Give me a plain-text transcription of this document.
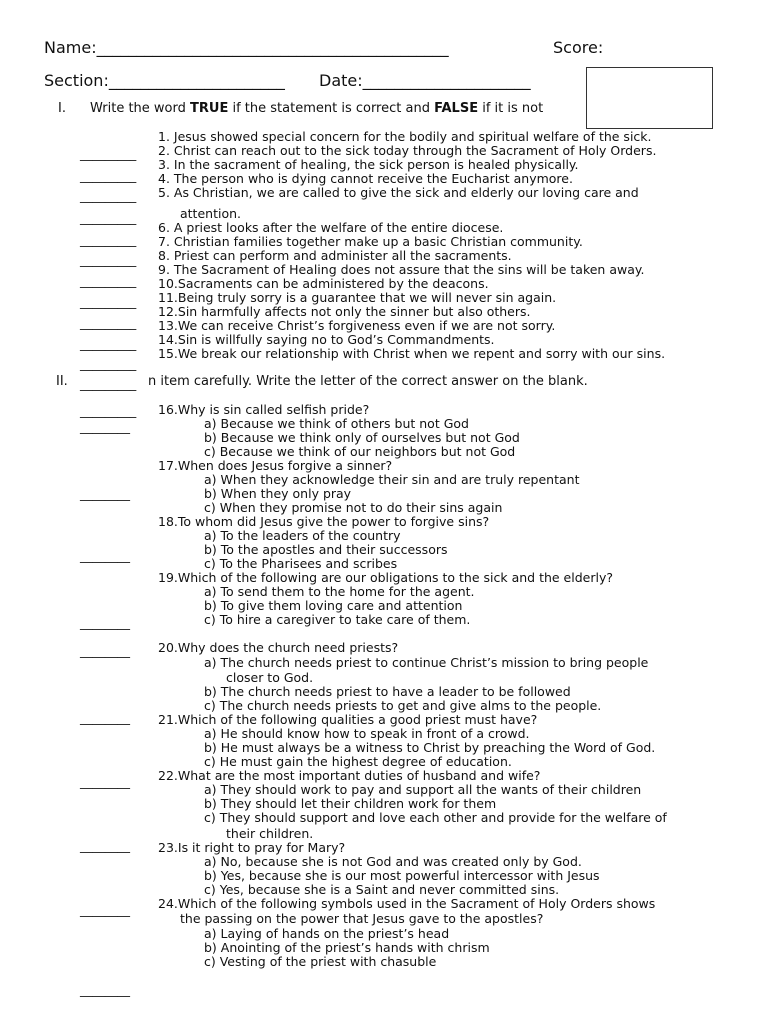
Name:____________________________________________	Score:
Section:______________________ Date:_____________________
I. Write the word TRUE if the statement is correct and FALSE if it is not
_________
_________
_________
_________
_________
_________
_________
_________
_________
_________
_________
_________
_________
1. Jesus showed special concern for the bodily and spiritual welfare of the sick.
2. Christ can reach out to the sick today through the Sacrament of Holy Orders.
3. In the sacrament of healing, the sick person is healed physically.
4. The person who is dying cannot receive the Eucharist anymore.
5. As Christian, we are called to give the sick and elderly our loving care and
attention.
6. A priest looks after the welfare of the entire diocese.
7. Christian families together make up a basic Christian community.
8. Priest can perform and administer all the sacraments.
9. The Sacrament of Healing does not assure that the sins will be taken away.
10.Sacraments can be administered by the deacons.
11.Being truly sorry is a guarantee that we will never sin again.
12.Sin harmfully affects not only the sinner but also others.
13.We can receive Christ’s forgiveness even if we are not sorry.
14.Sin is willfully saying no to God’s Commandments.
15.We break our relationship with Christ when we repent and sorry with our sins.
II.	n item carefully. Write the letter of the correct answer on the blank.
________
________
________
________
________
________
________
________
________
________
16.Why is sin called selfish pride?
a) Because we think of others but not God
b) Because we think only of ourselves but not God
c) Because we think of our neighbors but not God
17.When does Jesus forgive a sinner?
a) When they acknowledge their sin and are truly repentant
b) When they only pray
c) When they promise not to do their sins again
18.To whom did Jesus give the power to forgive sins?
a) To the leaders of the country
b) To the apostles and their successors
c) To the Pharisees and scribes
19.Which of the following are our obligations to the sick and the elderly?
a) To send them to the home for the agent.
b) To give them loving care and attention
c) To hire a caregiver to take care of them.
20.Why does the church need priests?
a) The church needs priest to continue Christ’s mission to bring people
closer to God.
b) The church needs priest to have a leader to be followed
c) The church needs priests to get and give alms to the people.
21.Which of the following qualities a good priest must have?
a) He should know how to speak in front of a crowd.
b) He must always be a witness to Christ by preaching the Word of God.
c) He must gain the highest degree of education.
22.What are the most important duties of husband and wife?
a) They should work to pay and support all the wants of their children
b) They should let their children work for them
c) They should support and love each other and provide for the welfare of
their children.
23.Is it right to pray for Mary?
a) No, because she is not God and was created only by God.
b) Yes, because she is our most powerful intercessor with Jesus
c) Yes, because she is a Saint and never committed sins.
24.Which of the following symbols used in the Sacrament of Holy Orders shows
the passing on the power that Jesus gave to the apostles?
a) Laying of hands on the priest’s head
b) Anointing of the priest’s hands with chrism
c) Vesting of the priest with chasuble
